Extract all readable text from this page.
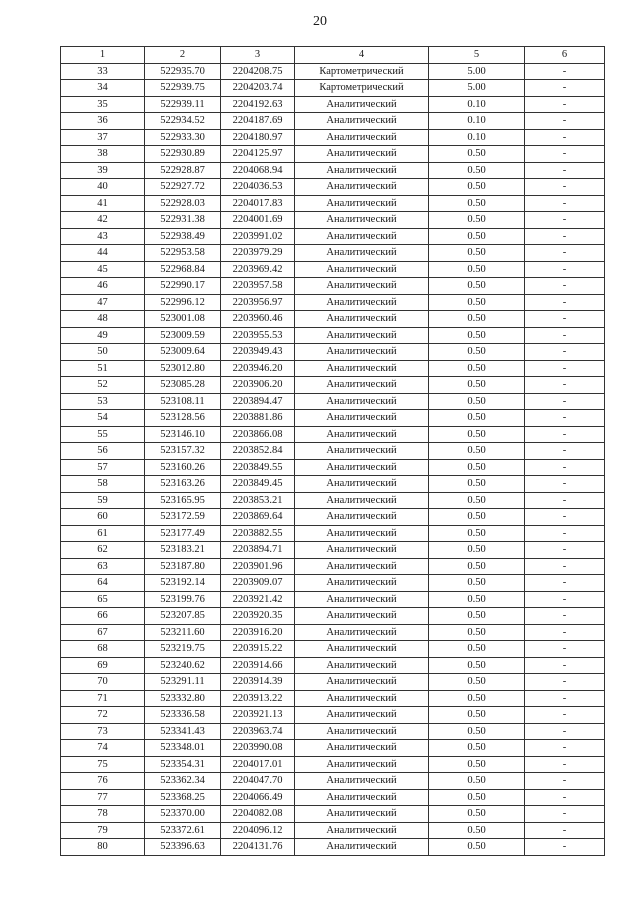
20
1	2	3	4	5	6
33	522935.70	2204208.75	Картометрический	5.00	-
34	522939.75	2204203.74	Картометрический	5.00	-
35	522939.11	2204192.63	Аналитический	0.10	-
36	522934.52	2204187.69	Аналитический	0.10	-
37	522933.30	2204180.97	Аналитический	0.10	-
38	522930.89	2204125.97	Аналитический	0.50	-
39	522928.87	2204068.94	Аналитический	0.50	-
40	522927.72	2204036.53	Аналитический	0.50	-
41	522928.03	2204017.83	Аналитический	0.50	-
42	522931.38	2204001.69	Аналитический	0.50	-
43	522938.49	2203991.02	Аналитический	0.50	-
44	522953.58	2203979.29	Аналитический	0.50	-
45	522968.84	2203969.42	Аналитический	0.50	-
46	522990.17	2203957.58	Аналитический	0.50	-
47	522996.12	2203956.97	Аналитический	0.50	-
48	523001.08	2203960.46	Аналитический	0.50	-
49	523009.59	2203955.53	Аналитический	0.50	-
50	523009.64	2203949.43	Аналитический	0.50	-
51	523012.80	2203946.20	Аналитический	0.50	-
52	523085.28	2203906.20	Аналитический	0.50	-
53	523108.11	2203894.47	Аналитический	0.50	-
54	523128.56	2203881.86	Аналитический	0.50	-
55	523146.10	2203866.08	Аналитический	0.50	-
56	523157.32	2203852.84	Аналитический	0.50	-
57	523160.26	2203849.55	Аналитический	0.50	-
58	523163.26	2203849.45	Аналитический	0.50	-
59	523165.95	2203853.21	Аналитический	0.50	-
60	523172.59	2203869.64	Аналитический	0.50	-
61	523177.49	2203882.55	Аналитический	0.50	-
62	523183.21	2203894.71	Аналитический	0.50	-
63	523187.80	2203901.96	Аналитический	0.50	-
64	523192.14	2203909.07	Аналитический	0.50	-
65	523199.76	2203921.42	Аналитический	0.50	-
66	523207.85	2203920.35	Аналитический	0.50	-
67	523211.60	2203916.20	Аналитический	0.50	-
68	523219.75	2203915.22	Аналитический	0.50	-
69	523240.62	2203914.66	Аналитический	0.50	-
70	523291.11	2203914.39	Аналитический	0.50	-
71	523332.80	2203913.22	Аналитический	0.50	-
72	523336.58	2203921.13	Аналитический	0.50	-
73	523341.43	2203963.74	Аналитический	0.50	-
74	523348.01	2203990.08	Аналитический	0.50	-
75	523354.31	2204017.01	Аналитический	0.50	-
76	523362.34	2204047.70	Аналитический	0.50	-
77	523368.25	2204066.49	Аналитический	0.50	-
78	523370.00	2204082.08	Аналитический	0.50	-
79	523372.61	2204096.12	Аналитический	0.50	-
80	523396.63	2204131.76	Аналитический	0.50	-
